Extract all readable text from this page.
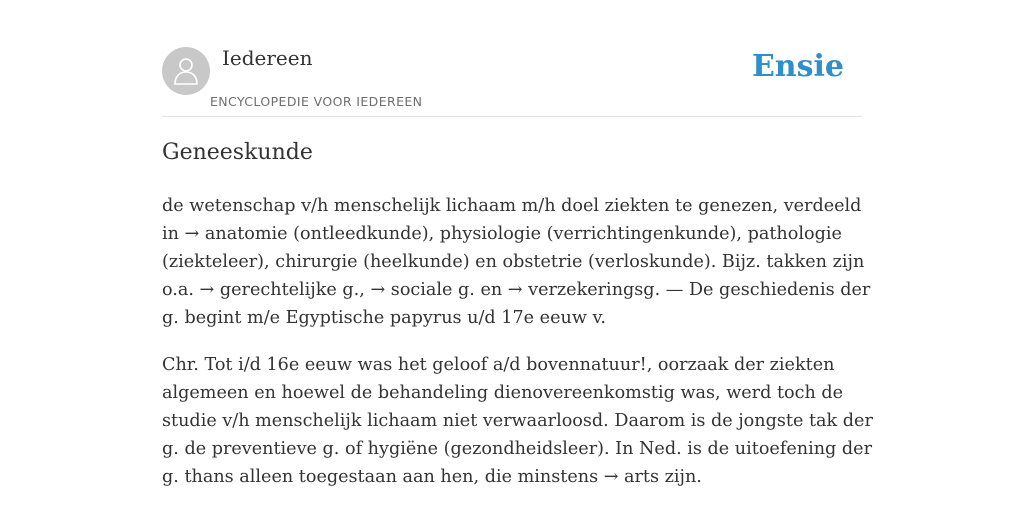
Iedereen
ENCYCLOPEDIE VOOR IEDEREEN
Ensie
Geneeskunde

de wetenschap v/h menschelijk lichaam m/h doel ziekten te genezen, verdeeld in → anatomie (ontleedkunde), physiologie (verrichtingenkunde), pathologie (ziekteleer), chirurgie (heelkunde) en obstetrie (verloskunde). Bijz. takken zijn o.a. → gerechtelijke g., → sociale g. en → verzekeringsg. — De geschiedenis der g. begint m/e Egyptische papyrus u/d 17e eeuw v.

Chr. Tot i/d 16e eeuw was het geloof a/d bovennatuur!, oorzaak der ziekten algemeen en hoewel de behandeling dienovereenkomstig was, werd toch de studie v/h menschelijk lichaam niet verwaarloosd. Daarom is de jongste tak der g. de preventieve g. of hygiëne (gezondheidsleer). In Ned. is de uitoefening der g. thans alleen toegestaan aan hen, die minstens → arts zijn.
